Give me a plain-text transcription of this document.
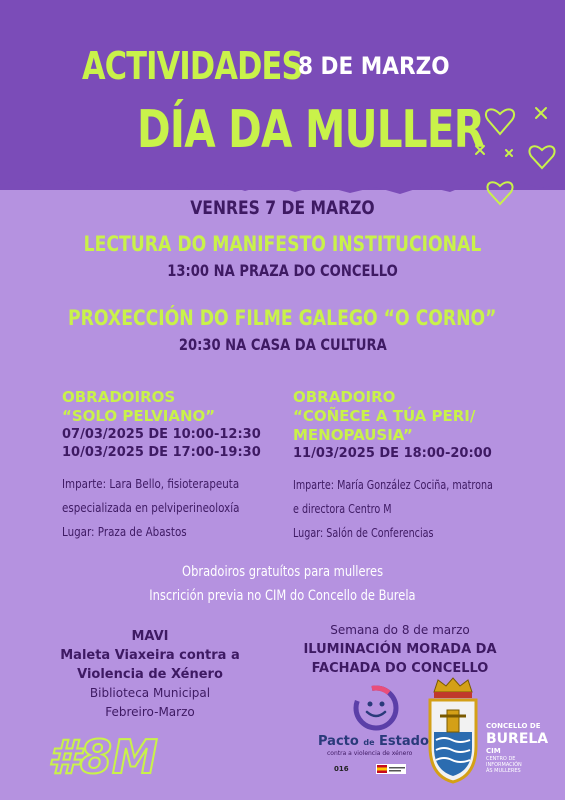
ACTIVIDADES
8 DE MARZO
DÍA DA MULLER
VENRES 7 DE MARZO
LECTURA DO MANIFESTO INSTITUCIONAL
13:00 NA PRAZA DO CONCELLO
PROXECCIÓN DO FILME GALEGO “O CORNO”
20:30 NA CASA DA CULTURA
OBRADOIROS
“SOLO PELVIANO”
07/03/2025 DE 10:00-12:30
10/03/2025 DE 17:00-19:30
Imparte: Lara Bello, fisioterapeuta
especializada en pelviperineoloxía
Lugar: Praza de Abastos
OBRADOIRO
“COÑECE A TÚA PERI/
MENOPAUSIA”
11/03/2025 DE 18:00-20:00
Imparte: María González Cociña, matrona
e directora Centro M
Lugar: Salón de Conferencias
Obradoiros gratuítos para mulleres
Inscrición previa no CIM do Concello de Burela
MAVI
Maleta Viaxeira contra a
Violencia de Xénero
Biblioteca Municipal
Febreiro-Marzo
Semana do 8 de marzo
ILUMINACIÓN MORADA DA
FACHADA DO CONCELLO
#8M	Pacto de Estado
contra a violencia de xénero
016
CONCELLO DE
BURELA
CIM
CENTRO DE
INFORMACIÓN
ÁS MULLERES
